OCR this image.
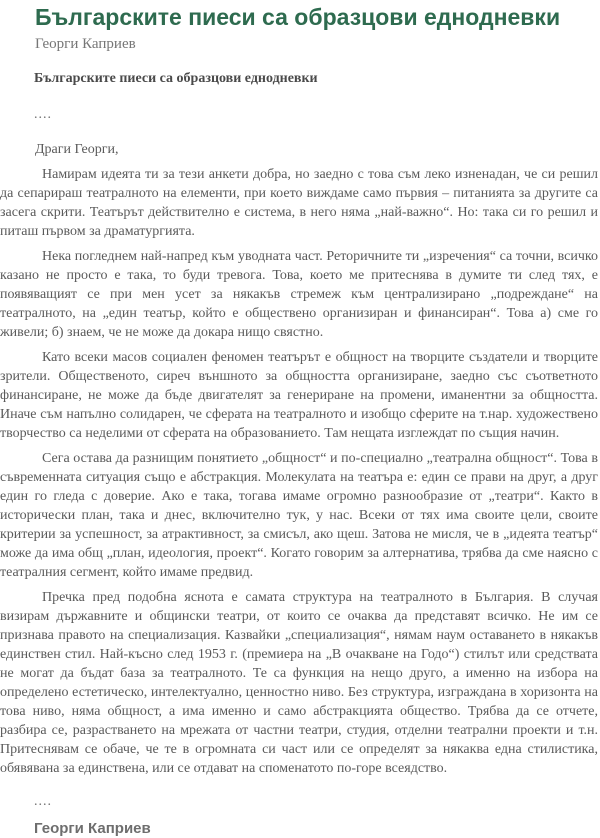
Българските пиеси са образцови еднодневки
Георги Каприев

Българските пиеси са образцови еднодневки

....

Драги Георги,

Намирам идеята ти за тези анкети добра, но заедно с това съм леко изненадан, че си решил да сепарираш театралното на елементи, при което виждаме само първия – питанията за другите са засега скрити. Театърът действително е система, в него няма „най-важно“. Но: така си го решил и питаш първом за драматургията.

Нека погледнем най-напред към уводната част. Реторичните ти „изречения“ са точни, всичко казано не просто е така, то буди тревога. Това, което ме притеснява в думите ти след тях, е появяващият се при мен усет за някакъв стремеж към централизирано „подреждане“ на театралното, на „един театър, който е обществено организиран и финансиран“. Това а) сме го живели; б) знаем, че не може да докара нищо свястно.

Като всеки масов социален феномен театърът е общност на творците създатели и творците зрители. Общественото, сиреч външното за общността организиране, заедно със съответното финансиране, не може да бъде двигателят за генериране на промени, иманентни за общността. Иначе съм напълно солидарен, че сферата на театралното и изобщо сферите на т.нар. художествено творчество са неделими от сферата на образованието. Там нещата изглеждат по същия начин.

Сега остава да разнищим понятието „общност“ и по-специално „театрална общност“. Това в съвременната ситуация също е абстракция. Молекулата на театъра е: един се прави на друг, а друг един го гледа с доверие. Ако е така, тогава имаме огромно разнообразие от „театри“. Както в исторически план, така и днес, включително тук, у нас. Всеки от тях има своите цели, своите критерии за успешност, за атрактивност, за смисъл, ако щеш. Затова не мисля, че в „идеята театър“ може да има общ „план, идеология, проект“. Когато говорим за алтернатива, трябва да сме наясно с театралния сегмент, който имаме предвид.

Пречка пред подобна яснота е самата структура на театралното в България. В случая визирам държавните и общински театри, от които се очаква да представят всичко. Не им се признава правото на специализация. Казвайки „специализация“, нямам наум оставането в някакъв единствен стил. Най-късно след 1953 г. (премиера на „В очакване на Годо“) стилът или средствата не могат да бъдат база за театралното. Те са функция на нещо друго, а именно на избора на определено естетическо, интелектуално, ценностно ниво. Без структура, изграждана в хоризонта на това ниво, няма общност, а има именно и само абстракцията общество. Трябва да се отчете, разбира се, разрастването на мрежата от частни театри, студия, отделни театрални проекти и т.н. Притеснявам се обаче, че те в огромната си част или се определят за някаква една стилистика, обявявана за единствена, или се отдават на споменатото по-горе всеядство.

....

Георги Каприев
